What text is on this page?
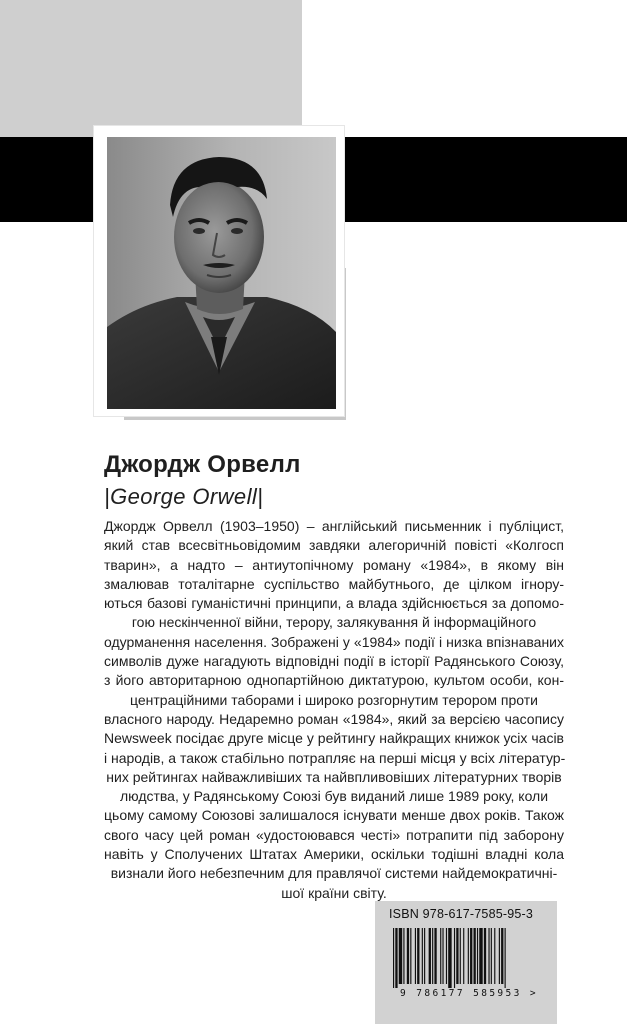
Джордж Орвелл

|George Orwell|

Джордж Орвелл (1903–1950) – англійський письменник і публіцист,
який став всесвітньовідомим завдяки алегоричній повісті «Колгосп
тварин», а надто – антиутопічному роману «1984», в якому він
змалював тоталітарне суспільство майбутнього, де цілком ігнору-
ються базові гуманістичні принципи, а влада здійснюється за допомо-
гою нескінченної війни, терору, залякування й інформаційного
одурманення населення. Зображені у «1984» події і низка впізнаваних
символів дуже нагадують відповідні події в історії Радянського Союзу,
з його авторитарною однопартійною диктатурою, культом особи, кон-
центраційними таборами і широко розгорнутим терором проти
власного народу. Недаремно роман «1984», який за версією часопису
Newsweek посідає друге місце у рейтингу найкращих книжок усіх часів
і народів, а також стабільно потрапляє на перші місця у всіх літератур-
них рейтингах найважливіших та найвпливовіших літературних творів
людства, у Радянському Союзі був виданий лише 1989 року, коли
цьому самому Союзові залишалося існувати менше двох років. Також
свого часу цей роман «удостоювався честі» потрапити під заборону
навіть у Сполучених Штатах Америки, оскільки тодішні владні кола
визнали його небезпечним для правлячої системи найдемократичні-
шої країни світу.
ISBN 978-617-7585-95-3
9 786177 585953 >
